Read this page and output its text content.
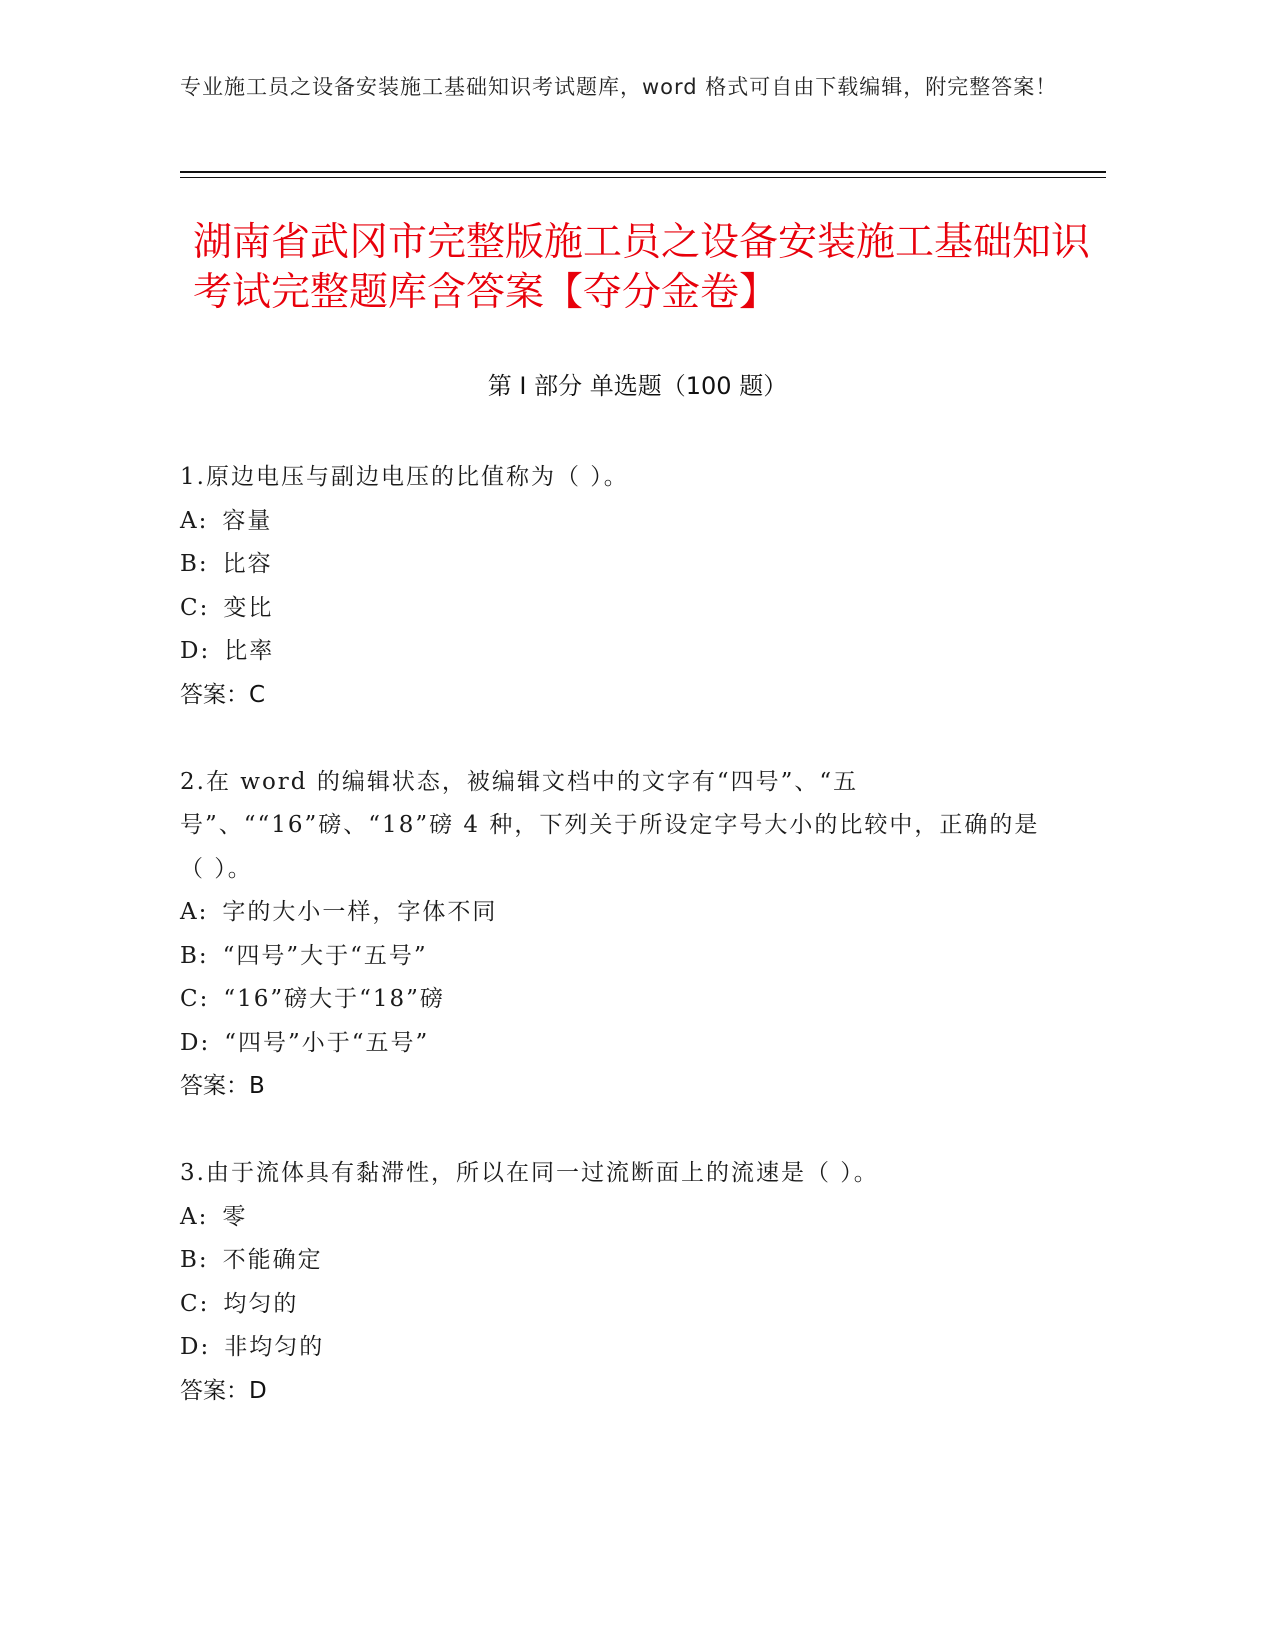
专业施工员之设备安装施工基础知识考试题库，word 格式可自由下载编辑，附完整答案！
湖南省武冈市完整版施工员之设备安装施工基础知识考试完整题库含答案【夺分金卷】
第 I 部分 单选题（100 题）
1.原边电压与副边电压的比值称为（ ）。
A: 容量
B: 比容
C: 变比
D: 比率
答案：C
2.在 word 的编辑状态，被编辑文档中的文字有“四号”、“五号”、““16”磅、“18”磅 4 种，下列关于所设定字号大小的比较中，正确的是（ ）。
A: 字的大小一样，字体不同
B: “四号”大于“五号”
C: “16”磅大于“18”磅
D: “四号”小于“五号”
答案：B
3.由于流体具有黏滞性，所以在同一过流断面上的流速是（ ）。
A: 零
B: 不能确定
C: 均匀的
D: 非均匀的
答案：D
